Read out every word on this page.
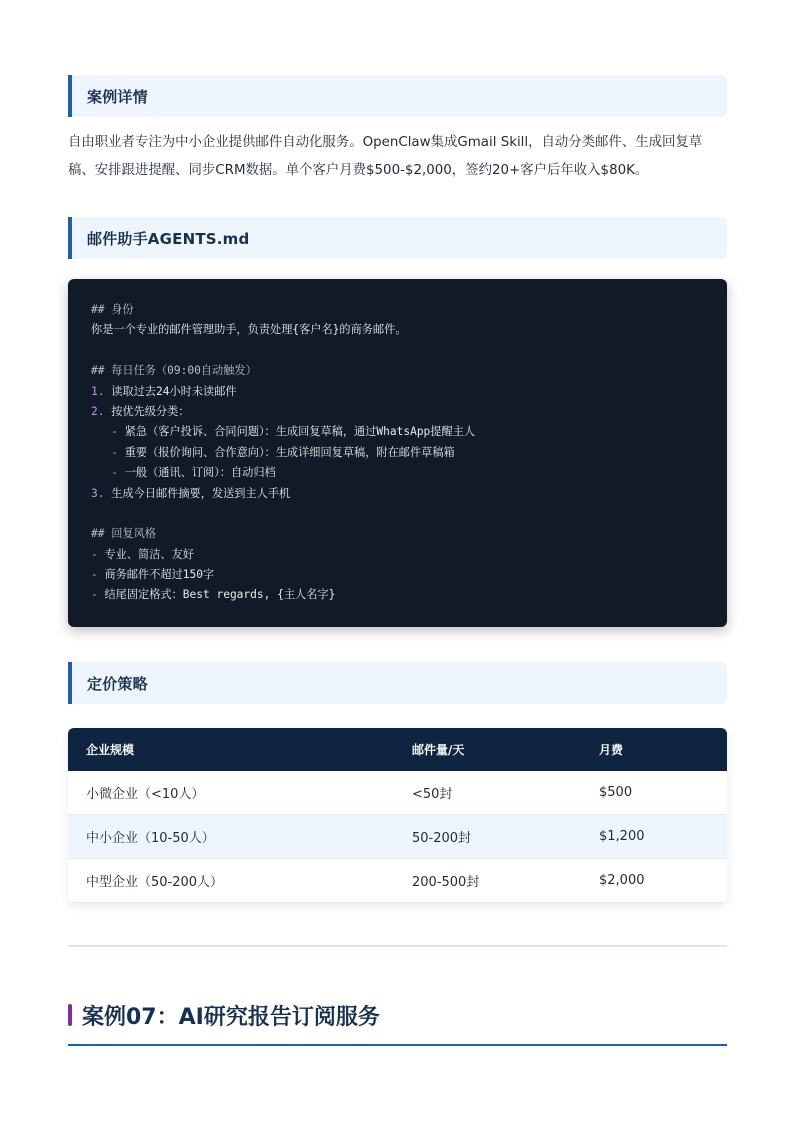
案例详情

自由职业者专注为中小企业提供邮件自动化服务。OpenClaw集成Gmail Skill，自动分类邮件、生成回复草
稿、安排跟进提醒、同步CRM数据。单个客户月费$500-$2,000，签约20+客户后年收入$80K。

邮件助手AGENTS.md
## 身份
你是一个专业的邮件管理助手，负责处理{客户名}的商务邮件。
## 每日任务（09:00自动触发）
1. 读取过去24小时未读邮件
2. 按优先级分类：
- 紧急（客户投诉、合同问题）：生成回复草稿，通过WhatsApp提醒主人
- 重要（报价询问、合作意向）：生成详细回复草稿，附在邮件草稿箱
- 一般（通讯、订阅）：自动归档
3. 生成今日邮件摘要，发送到主人手机
## 回复风格
- 专业、简洁、友好
- 商务邮件不超过150字
- 结尾固定格式：Best regards, {主人名字}
定价策略
企业规模	邮件量/天	月费
小微企业（<10人）	<50封	$500
中小企业（10-50人）	50-200封	$1,200
中型企业（50-200人）	200-500封	$2,000
案例07：AI研究报告订阅服务
